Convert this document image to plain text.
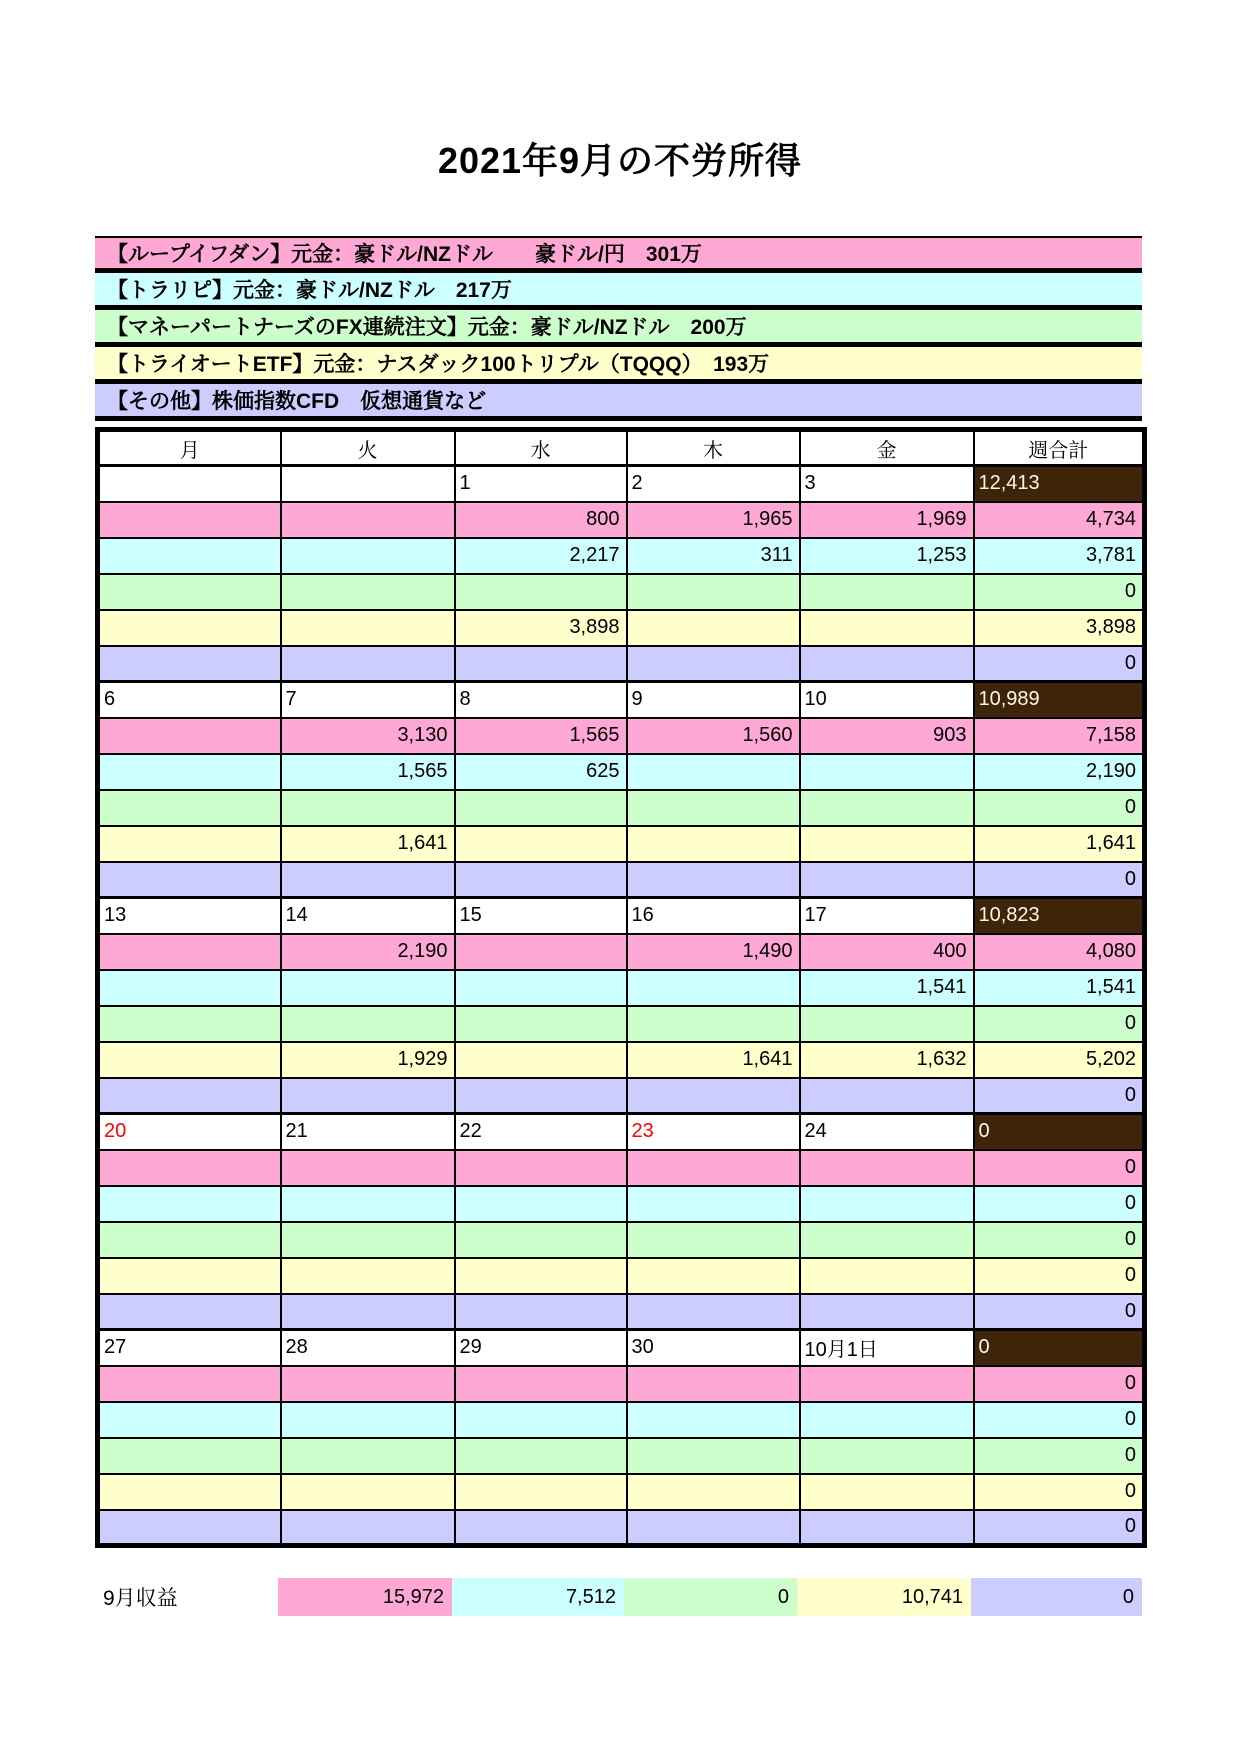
2021年9月の不労所得
【ループイフダン】元金：豪ドル/NZドル　　豪ドル/円　301万
【トラリピ】元金：豪ドル/NZドル　217万
【マネーパートナーズのFX連続注文】元金：豪ドル/NZドル　200万
【トライオートETF】元金：ナスダック100トリプル（TQQQ）　193万
【その他】株価指数CFD　仮想通貨など
月	火	水	木	金	週合計
		1	2	3	12,413
		800	1,965	1,969	4,734
		2,217	311	1,253	3,781
					0
		3,898			3,898
					0
6	7	8	9	10	10,989
	3,130	1,565	1,560	903	7,158
	1,565	625			2,190
					0
	1,641				1,641
					0
13	14	15	16	17	10,823
	2,190		1,490	400	4,080
				1,541	1,541
					0
	1,929		1,641	1,632	5,202
					0
20	21	22	23	24	0
					0
					0
					0
					0
					0
27	28	29	30	10月1日	0
					0
					0
					0
					0
					0
9月収益	15,972	7,512	0	10,741	0
